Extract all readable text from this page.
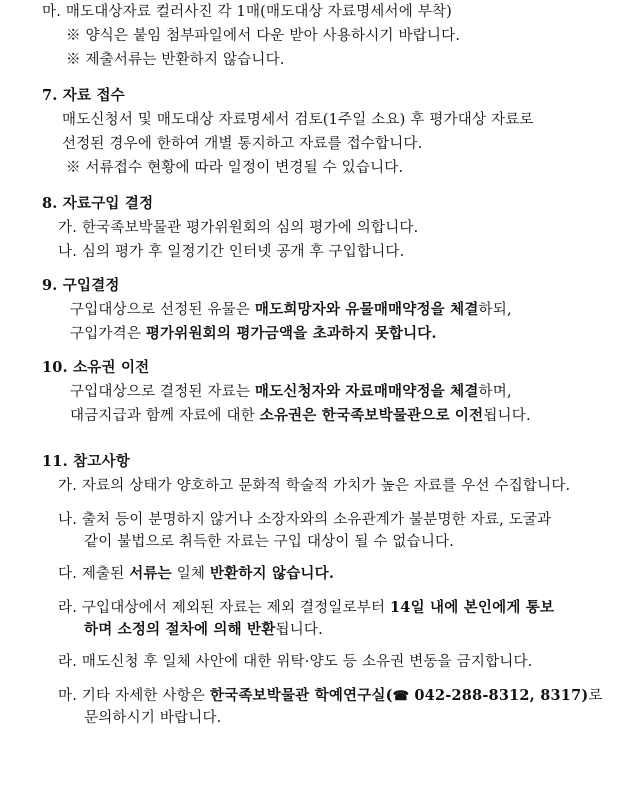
마. 매도대상자료 컬러사진 각 1매(매도대상 자료명세서에 부착)
※ 양식은 붙임 첨부파일에서 다운 받아 사용하시기 바랍니다.
※ 제출서류는 반환하지 않습니다.
7. 자료 접수
매도신청서 및 매도대상 자료명세서 검토(1주일 소요) 후 평가대상 자료로
선정된 경우에 한하여 개별 통지하고 자료를 접수합니다.
※ 서류접수 현황에 따라 일정이 변경될 수 있습니다.
8. 자료구입 결정
가. 한국족보박물관 평가위원회의 심의 평가에 의합니다.
나. 심의 평가 후 일정기간 인터넷 공개 후 구입합니다.
9. 구입결정
구입대상으로 선정된 유물은 매도희망자와 유물매매약정을 체결하되,
구입가격은 평가위원회의 평가금액을 초과하지 못합니다.
10. 소유권 이전
구입대상으로 결정된 자료는 매도신청자와 자료매매약정을 체결하며,
대금지급과 함께 자료에 대한 소유권은 한국족보박물관으로 이전됩니다.
11. 참고사항
가. 자료의 상태가 양호하고 문화적 학술적 가치가 높은 자료를 우선 수집합니다.
나. 출처 등이 분명하지 않거나 소장자와의 소유관계가 불분명한 자료, 도굴과
같이 불법으로 취득한 자료는 구입 대상이 될 수 없습니다.
다. 제출된 서류는 일체 반환하지 않습니다.
라. 구입대상에서 제외된 자료는 제외 결정일로부터 14일 내에 본인에게 통보
하며 소정의 절차에 의해 반환됩니다.
라. 매도신청 후 일체 사안에 대한 위탁·양도 등 소유권 변동을 금지합니다.
마. 기타 자세한 사항은 한국족보박물관 학예연구실(☎ 042-288-8312, 8317)로
문의하시기 바랍니다.
